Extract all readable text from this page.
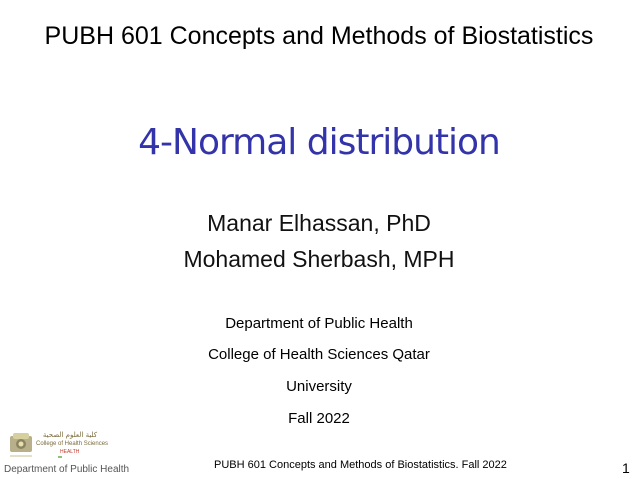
PUBH 601 Concepts and Methods of Biostatistics
4-Normal distribution
Manar Elhassan, PhD
Mohamed Sherbash, MPH
Department of Public Health
College of Health Sciences Qatar
University
Fall 2022
كلية العلوم الصحية
College of Health Sciences
HEALTH
Department of Public Health	PUBH 601 Concepts and Methods of Biostatistics. Fall 2022	1
